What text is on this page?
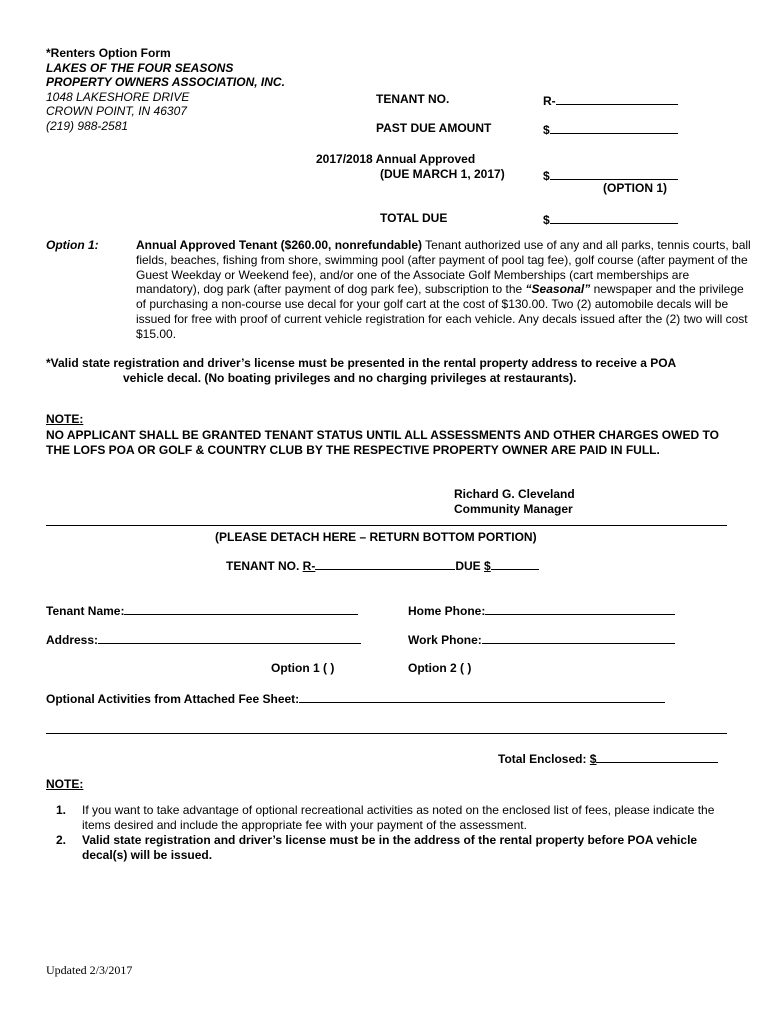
*Renters Option Form
LAKES OF THE FOUR SEASONS
PROPERTY OWNERS ASSOCIATION, INC.
1048 LAKESHORE DRIVE
CROWN POINT, IN 46307
(219) 988-2581
TENANT NO.	R-
PAST DUE AMOUNT	$
2017/2018 Annual Approved
(DUE MARCH 1, 2017)	$
(OPTION 1)
TOTAL DUE	$
Option 1:	Annual Approved Tenant ($260.00, nonrefundable) Tenant authorized use of any and all parks, tennis courts, ball fields, beaches, fishing from shore, swimming pool (after payment of pool tag fee), golf course (after payment of the Guest Weekday or Weekend fee), and/or one of the Associate Golf Memberships (cart memberships are mandatory), dog park (after payment of dog park fee), subscription to the “Seasonal” newspaper and the privilege of purchasing a non-course use decal for your golf cart at the cost of $130.00. Two (2) automobile decals will be issued for free with proof of current vehicle registration for each vehicle. Any decals issued after the (2) two will cost $15.00.
*Valid state registration and driver’s license must be presented in the rental property address to receive a POA
vehicle decal. (No boating privileges and no charging privileges at restaurants).
NOTE:
NO APPLICANT SHALL BE GRANTED TENANT STATUS UNTIL ALL ASSESSMENTS AND OTHER CHARGES OWED TO THE LOFS POA OR GOLF & COUNTRY CLUB BY THE RESPECTIVE PROPERTY OWNER ARE PAID IN FULL.
Richard G. Cleveland
Community Manager
(PLEASE DETACH HERE – RETURN BOTTOM PORTION)
TENANT NO. R-	DUE $
Tenant Name:	Home Phone:
Address:	Work Phone:
Option 1 ( )	Option 2 ( )
Optional Activities from Attached Fee Sheet:
Total Enclosed: $
NOTE:
1. If you want to take advantage of optional recreational activities as noted on the enclosed list of fees, please indicate the items desired and include the appropriate fee with your payment of the assessment.
2. Valid state registration and driver’s license must be in the address of the rental property before POA vehicle decal(s) will be issued.
Updated 2/3/2017
